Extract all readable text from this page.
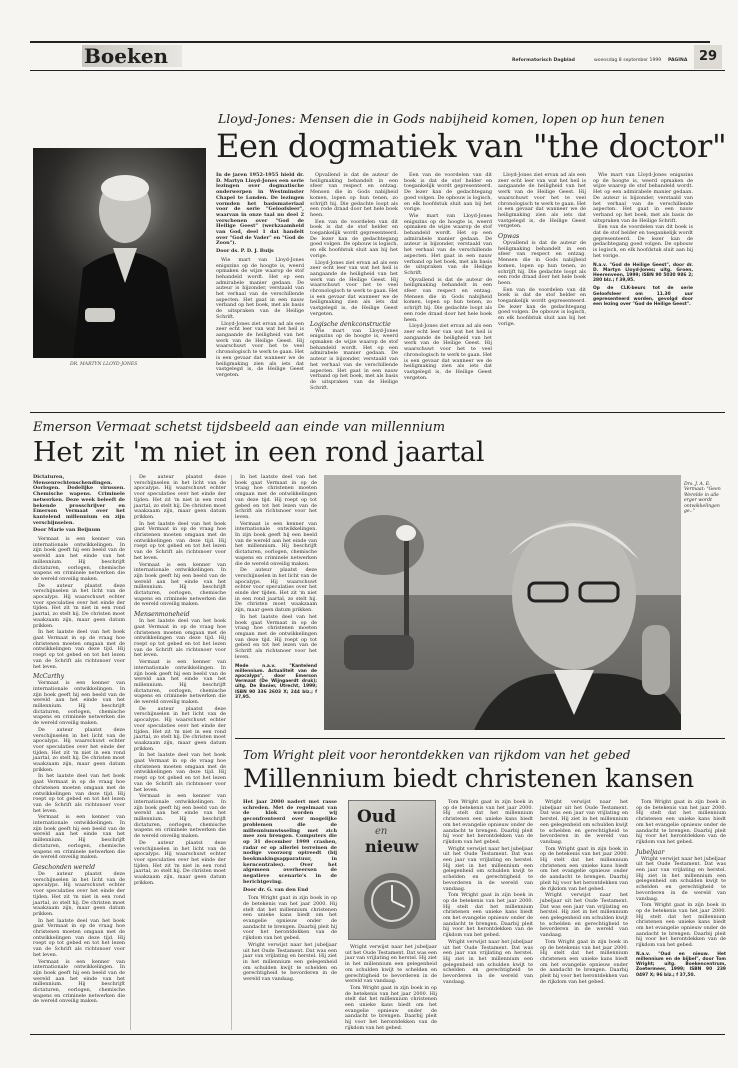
Boeken	Reformatorisch Dagblad	woensdag 8 september 1999 PAGINA 29
Lloyd-Jones: Mensen die in Gods nabijheid komen, lopen op hun tenen
Een dogmatiek van "the doctor"
DR. MARTYN LLOYD-JONES

In de jaren 1952-1955 hield dr. D. Martyn Lloyd-Jones een serie lezingen over dogmatische onderwerpen in Westminster Chapel te Londen. De lezingen vormden het basismateriaal voor de serie "Geloofsleer", waarvan in onze taal nu deel 2 verschenen over "God de Heilige Geest" (werkzaamheid van God, deel 1 dat handelt over "God de Vader" en "God de Zoon").

Door ds. P. D. J. Buijs

Wie mart van Lloyd-Jones enigszins op de hoogte is, weerd opmaken de wijze waarop de stof behandeld wordt. Het op een admirabele manier gedaan. De auteur is bijzonder, verstaald van het verhaal van de verschillende aspecten. Het gaat in een nauw verband op het boek, met als basis de uitspraken van de Heilige Schrift.

Lloyd-Jones ziet ervan ad als een zeer echt leer van wat het heil is aangaande de heiligheid van het werk van de Heilige Geest. Hij waarschuwt voor het te veel chronologisch te werk te gaan. Het is een gevaar dat wanneer we de heiligmaking zien als iets dat vastgelegd is, de Heilige Geest vergeten.

Opvallend is dat de auteur de heiligmaking behandelt in een sfeer van respect en ontzag. Mensen die in Gods nabijheid komen, lopen op hun tenen, zo schrijft hij. Die gedachte loopt als een rode draad door het hele boek heen.

Een van de voordelen van dit boek is dat de stof helder en toegankelijk wordt gepresenteerd. De lezer kan de gedachtegang goed volgen. De opbouw is logisch, en elk hoofdstuk sluit aan bij het vorige.

Lloyd-Jones ziet ervan ad als een zeer echt leer van wat het heil is aangaande de heiligheid van het werk van de Heilige Geest. Hij waarschuwt voor het te veel chronologisch te werk te gaan. Het is een gevaar dat wanneer we de heiligmaking zien als iets dat vastgelegd is, de Heilige Geest vergeten.

Logische denkconstructie

Wie mart van Lloyd-Jones enigszins op de hoogte is, weerd opmaken de wijze waarop de stof behandeld wordt. Het op een admirabele manier gedaan. De auteur is bijzonder, verstaald van het verhaal van de verschillende aspecten. Het gaat in een nauw verband op het boek, met als basis de uitspraken van de Heilige Schrift.

Een van de voordelen van dit boek is dat de stof helder en toegankelijk wordt gepresenteerd. De lezer kan de gedachtegang goed volgen. De opbouw is logisch, en elk hoofdstuk sluit aan bij het vorige.

Wie mart van Lloyd-Jones enigszins op de hoogte is, weerd opmaken de wijze waarop de stof behandeld wordt. Het op een admirabele manier gedaan. De auteur is bijzonder, verstaald van het verhaal van de verschillende aspecten. Het gaat in een nauw verband op het boek, met als basis de uitspraken van de Heilige Schrift.

Opvallend is dat de auteur de heiligmaking behandelt in een sfeer van respect en ontzag. Mensen die in Gods nabijheid komen, lopen op hun tenen, zo schrijft hij. Die gedachte loopt als een rode draad door het hele boek heen.

Lloyd-Jones ziet ervan ad als een zeer echt leer van wat het heil is aangaande de heiligheid van het werk van de Heilige Geest. Hij waarschuwt voor het te veel chronologisch te werk te gaan. Het is een gevaar dat wanneer we de heiligmaking zien als iets dat vastgelegd is, de Heilige Geest vergeten.

Lloyd-Jones ziet ervan ad als een zeer echt leer van wat het heil is aangaande de heiligheid van het werk van de Heilige Geest. Hij waarschuwt voor het te veel chronologisch te werk te gaan. Het is een gevaar dat wanneer we de heiligmaking zien als iets dat vastgelegd is, de Heilige Geest vergeten.

Opwas

Opvallend is dat de auteur de heiligmaking behandelt in een sfeer van respect en ontzag. Mensen die in Gods nabijheid komen, lopen op hun tenen, zo schrijft hij. Die gedachte loopt als een rode draad door het hele boek heen.

Een van de voordelen van dit boek is dat de stof helder en toegankelijk wordt gepresenteerd. De lezer kan de gedachtegang goed volgen. De opbouw is logisch, en elk hoofdstuk sluit aan bij het vorige.

Wie mart van Lloyd-Jones enigszins op de hoogte is, weerd opmaken de wijze waarop de stof behandeld wordt. Het op een admirabele manier gedaan. De auteur is bijzonder, verstaald van het verhaal van de verschillende aspecten. Het gaat in een nauw verband op het boek, met als basis de uitspraken van de Heilige Schrift.

Een van de voordelen van dit boek is dat de stof helder en toegankelijk wordt gepresenteerd. De lezer kan de gedachtegang goed volgen. De opbouw is logisch, en elk hoofdstuk sluit aan bij het vorige.

N.a.v. "God de Heilige Geest", door dr. D. Martyn Lloyd-Jones; uitg. Groen, Heerenveen, 1999; ISBN 90 5030 986 2; 280 blz.; f 39,95.

Op de CLK-beurs tot de serie Geloofsleer om 11.30 uur gepresenteerd worden, gevolgd door een lezing over "God de Heilige Geest".

Emerson Vermaat schetst tijdsbeeld aan einde van millennium
Het zit 'm niet in een rond jaartal

Dictaturen, Mensenrechtenschendingen. Oorlogen. Dodelijke virussen. Chemische wapens. Criminele netwerken. Deze week beleeft de bekende prosschrijver en Emerson Vermaat over het kantelend millennium en zijn verschijnselen.

Door Marie van Beijnum

Vermaat is een kenner van internationale ontwikkelingen. In zijn boek geeft hij een beeld van de wereld aan het einde van het millennium. Hij beschrijft dictaturen, oorlogen, chemische wapens en criminele netwerken die de wereld onveilig maken.

De auteur plaatst deze verschijnselen in het licht van de apocalyps. Hij waarschuwt echter voor speculaties over het einde der tijden. Het zit 'm niet in een rond jaartal, zo stelt hij. De christen moet waakzaam zijn, maar geen datum prikken.

In het laatste deel van het boek gaat Vermaat in op de vraag hoe christenen moeten omgaan met de ontwikkelingen van deze tijd. Hij roept op tot gebed en tot het lezen van de Schrift als richtsnoer voor het leven.

McCarthy

Vermaat is een kenner van internationale ontwikkelingen. In zijn boek geeft hij een beeld van de wereld aan het einde van het millennium. Hij beschrijft dictaturen, oorlogen, chemische wapens en criminele netwerken die de wereld onveilig maken.

De auteur plaatst deze verschijnselen in het licht van de apocalyps. Hij waarschuwt echter voor speculaties over het einde der tijden. Het zit 'm niet in een rond jaartal, zo stelt hij. De christen moet waakzaam zijn, maar geen datum prikken.

In het laatste deel van het boek gaat Vermaat in op de vraag hoe christenen moeten omgaan met de ontwikkelingen van deze tijd. Hij roept op tot gebed en tot het lezen van de Schrift als richtsnoer voor het leven.

Vermaat is een kenner van internationale ontwikkelingen. In zijn boek geeft hij een beeld van de wereld aan het einde van het millennium. Hij beschrijft dictaturen, oorlogen, chemische wapens en criminele netwerken die de wereld onveilig maken.

Geschonden wereld

De auteur plaatst deze verschijnselen in het licht van de apocalyps. Hij waarschuwt echter voor speculaties over het einde der tijden. Het zit 'm niet in een rond jaartal, zo stelt hij. De christen moet waakzaam zijn, maar geen datum prikken.

In het laatste deel van het boek gaat Vermaat in op de vraag hoe christenen moeten omgaan met de ontwikkelingen van deze tijd. Hij roept op tot gebed en tot het lezen van de Schrift als richtsnoer voor het leven.

Vermaat is een kenner van internationale ontwikkelingen. In zijn boek geeft hij een beeld van de wereld aan het einde van het millennium. Hij beschrijft dictaturen, oorlogen, chemische wapens en criminele netwerken die de wereld onveilig maken.

De auteur plaatst deze verschijnselen in het licht van de apocalyps. Hij waarschuwt echter voor speculaties over het einde der tijden. Het zit 'm niet in een rond jaartal, zo stelt hij. De christen moet waakzaam zijn, maar geen datum prikken.

In het laatste deel van het boek gaat Vermaat in op de vraag hoe christenen moeten omgaan met de ontwikkelingen van deze tijd. Hij roept op tot gebed en tot het lezen van de Schrift als richtsnoer voor het leven.

Vermaat is een kenner van internationale ontwikkelingen. In zijn boek geeft hij een beeld van de wereld aan het einde van het millennium. Hij beschrijft dictaturen, oorlogen, chemische wapens en criminele netwerken die de wereld onveilig maken.

Mensenmoneheid

In het laatste deel van het boek gaat Vermaat in op de vraag hoe christenen moeten omgaan met de ontwikkelingen van deze tijd. Hij roept op tot gebed en tot het lezen van de Schrift als richtsnoer voor het leven.

Vermaat is een kenner van internationale ontwikkelingen. In zijn boek geeft hij een beeld van de wereld aan het einde van het millennium. Hij beschrijft dictaturen, oorlogen, chemische wapens en criminele netwerken die de wereld onveilig maken.

De auteur plaatst deze verschijnselen in het licht van de apocalyps. Hij waarschuwt echter voor speculaties over het einde der tijden. Het zit 'm niet in een rond jaartal, zo stelt hij. De christen moet waakzaam zijn, maar geen datum prikken.

In het laatste deel van het boek gaat Vermaat in op de vraag hoe christenen moeten omgaan met de ontwikkelingen van deze tijd. Hij roept op tot gebed en tot het lezen van de Schrift als richtsnoer voor het leven.

Vermaat is een kenner van internationale ontwikkelingen. In zijn boek geeft hij een beeld van de wereld aan het einde van het millennium. Hij beschrijft dictaturen, oorlogen, chemische wapens en criminele netwerken die de wereld onveilig maken.

De auteur plaatst deze verschijnselen in het licht van de apocalyps. Hij waarschuwt echter voor speculaties over het einde der tijden. Het zit 'm niet in een rond jaartal, zo stelt hij. De christen moet waakzaam zijn, maar geen datum prikken.

In het laatste deel van het boek gaat Vermaat in op de vraag hoe christenen moeten omgaan met de ontwikkelingen van deze tijd. Hij roept op tot gebed en tot het lezen van de Schrift als richtsnoer voor het leven.

Vermaat is een kenner van internationale ontwikkelingen. In zijn boek geeft hij een beeld van de wereld aan het einde van het millennium. Hij beschrijft dictaturen, oorlogen, chemische wapens en criminele netwerken die de wereld onveilig maken.

De auteur plaatst deze verschijnselen in het licht van de apocalyps. Hij waarschuwt echter voor speculaties over het einde der tijden. Het zit 'm niet in een rond jaartal, zo stelt hij. De christen moet waakzaam zijn, maar geen datum prikken.

In het laatste deel van het boek gaat Vermaat in op de vraag hoe christenen moeten omgaan met de ontwikkelingen van deze tijd. Hij roept op tot gebed en tot het lezen van de Schrift als richtsnoer voor het leven.

Mede n.a.v. "Kantelend millennium. Actualiteit van de apocalyps", door Emerson Vermaat (De Wijngaerdt druk); uitg. De Banier, Utrecht, 1999; ISBN 90 336 2603 X; 244 blz.; f 37,95.

Drs. J. A. E. Vermaat: "Geen Werelde in alle erger wordt ontwikkelingen ge.."
Tom Wright pleit voor herontdekken van rijkdom van het gebed
Millennium biedt christenen kansen

Het jaar 2000 nadert met rasse schreden. Met de regelmaat van de klok worden wij geconfronteerd over mogelijke problemen die de millenniumwisseling met zich mee zou brengen. Computers die op 31 december 1999 crashen, radar er op allerlei terreinen de nodige voorzorg optreedt (bij bookmakingsapparatuur, in kerncentrales). Over het algemeen overheersen de negatieve scenario's in de berichtgeving.

Door dr. G. van den End

Tom Wright gaat in zijn boek in op de betekenis van het jaar 2000. Hij stelt dat het millennium christenen een unieke kans biedt om het evangelie opnieuw onder de aandacht te brengen. Daarbij pleit hij voor het herontdekken van de rijkdom van het gebed.

Wright verwijst naar het jubeljaar uit het Oude Testament. Dat was een jaar van vrijlating en herstel. Hij ziet in het millennium een gelegenheid om schulden kwijt te schelden en gerechtigheid te bevorderen in de wereld van vandaag.

Wright verwijst naar het jubeljaar uit het Oude Testament. Dat was een jaar van vrijlating en herstel. Hij ziet in het millennium een gelegenheid om schulden kwijt te schelden en gerechtigheid te bevorderen in de wereld van vandaag.

Tom Wright gaat in zijn boek in op de betekenis van het jaar 2000. Hij stelt dat het millennium christenen een unieke kans biedt om het evangelie opnieuw onder de aandacht te brengen. Daarbij pleit hij voor het herontdekken van de rijkdom van het gebed.

Oud
en
nieuw

Tom Wright gaat in zijn boek in op de betekenis van het jaar 2000. Hij stelt dat het millennium christenen een unieke kans biedt om het evangelie opnieuw onder de aandacht te brengen. Daarbij pleit hij voor het herontdekken van de rijkdom van het gebed.

Wright verwijst naar het jubeljaar uit het Oude Testament. Dat was een jaar van vrijlating en herstel. Hij ziet in het millennium een gelegenheid om schulden kwijt te schelden en gerechtigheid te bevorderen in de wereld van vandaag.

Tom Wright gaat in zijn boek in op de betekenis van het jaar 2000. Hij stelt dat het millennium christenen een unieke kans biedt om het evangelie opnieuw onder de aandacht te brengen. Daarbij pleit hij voor het herontdekken van de rijkdom van het gebed.

Wright verwijst naar het jubeljaar uit het Oude Testament. Dat was een jaar van vrijlating en herstel. Hij ziet in het millennium een gelegenheid om schulden kwijt te schelden en gerechtigheid te bevorderen in de wereld van vandaag.

Wright verwijst naar het jubeljaar uit het Oude Testament. Dat was een jaar van vrijlating en herstel. Hij ziet in het millennium een gelegenheid om schulden kwijt te schelden en gerechtigheid te bevorderen in de wereld van vandaag.

Tom Wright gaat in zijn boek in op de betekenis van het jaar 2000. Hij stelt dat het millennium christenen een unieke kans biedt om het evangelie opnieuw onder de aandacht te brengen. Daarbij pleit hij voor het herontdekken van de rijkdom van het gebed.

Wright verwijst naar het jubeljaar uit het Oude Testament. Dat was een jaar van vrijlating en herstel. Hij ziet in het millennium een gelegenheid om schulden kwijt te schelden en gerechtigheid te bevorderen in de wereld van vandaag.

Tom Wright gaat in zijn boek in op de betekenis van het jaar 2000. Hij stelt dat het millennium christenen een unieke kans biedt om het evangelie opnieuw onder de aandacht te brengen. Daarbij pleit hij voor het herontdekken van de rijkdom van het gebed.

Tom Wright gaat in zijn boek in op de betekenis van het jaar 2000. Hij stelt dat het millennium christenen een unieke kans biedt om het evangelie opnieuw onder de aandacht te brengen. Daarbij pleit hij voor het herontdekken van de rijkdom van het gebed.

Jubeljaar

Wright verwijst naar het jubeljaar uit het Oude Testament. Dat was een jaar van vrijlating en herstel. Hij ziet in het millennium een gelegenheid om schulden kwijt te schelden en gerechtigheid te bevorderen in de wereld van vandaag.

Tom Wright gaat in zijn boek in op de betekenis van het jaar 2000. Hij stelt dat het millennium christenen een unieke kans biedt om het evangelie opnieuw onder de aandacht te brengen. Daarbij pleit hij voor het herontdekken van de rijkdom van het gebed.

N.a.v. "Oud en nieuw. Het millennium en de bijbel", door Tom Wright; uitg. Boekencentrum, Zoetermeer, 1999; ISBN 90 239 0497 X; 96 blz.; f 37,50.
